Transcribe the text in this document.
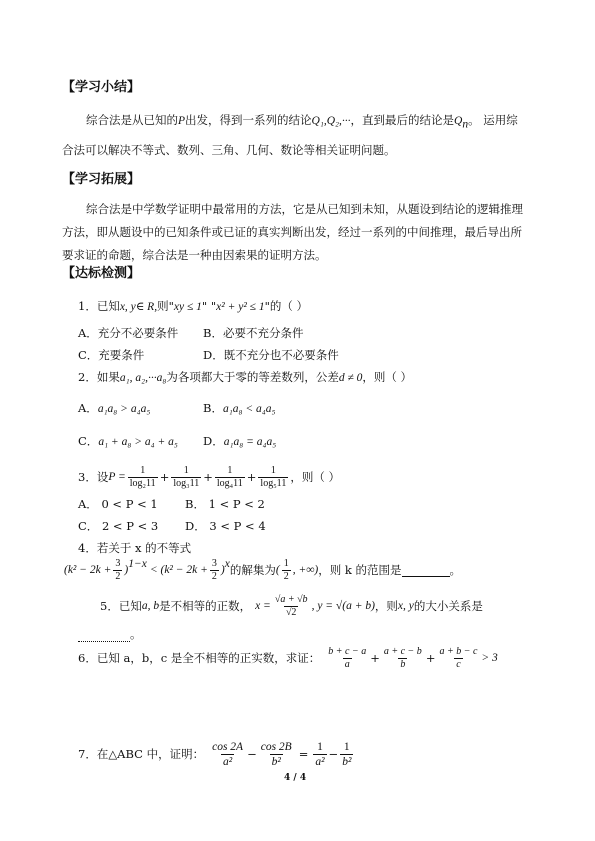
【学习小结】
综合法是从已知的P出发，得到一系列的结论Q₁,Q₂,···，直到最后的结论是$Q_n$。 运用综
合法可以解决不等式、数列、三角、几何、数论等相关证明问题。
【学习拓展】
综合法是中学数学证明中最常用的方法，它是从已知到未知，从题设到结论的逻辑推理
方法，即从题设中的已知条件或已证的真实判断出发，经过一系列的中间推理，最后导出所
要求证的命题，综合法是一种由因索果的证明方法。
【达标检测】
1．已知x, y∈ R,则"xy ≤ 1" "x² + y² ≤ 1"的（ ）
A．充分不必要条件 B．必要不充分条件
C．充要条件	D．既不充分也不必要条件
2．如果a₁, a₂,···a₈为各项都大于零的等差数列，公差d ≠ 0，则（ ）
A．a₁a₈ > a₄a₅	B．a₁a₈ < a₄a₅
C．a₁ + a₈ > a₄ + a₅ D．a₁a₈ = a₄a₅
3．设 $P = \frac{1}{\text{log₂11}} + \frac{1}{\text{log₃11}} + \frac{1}{\text{log₄11}} + \frac{1}{\text{log₅11}}$ ，则（ ）
A． 0 < P < 1 B． 1 < P < 2
C． 2 < P < 3 D． 3 < P < 4
4．若关于 x 的不等式
($k^2 - 2k + \frac{3}{2}$ ) $1-x < (k^2 - 2k + \frac{3}{2}$ ) x 的解集为 ( $\frac{1}{2}$ , +∞) ，则 k 的范围是	。
5．已知 a, b 是不相等的正数， $x = \frac{√a + √b}{√2}$ , y = √(a + b) ，则 x, y 的大小关系是
。
6．已知 a，b，c 是全不相等的正实数，求证： $\frac{b + c - a}{a} + \frac{a + c - b}{b} + \frac{a + b - c}{c} > 3$
7．在△ABC 中，证明： $\frac{\cos 2A}{\text{a²}} - \frac{\cos 2B}{\text{b²}} = \frac{1}{\text{a²}} - \frac{1}{\text{b²}}$
4 / 4
